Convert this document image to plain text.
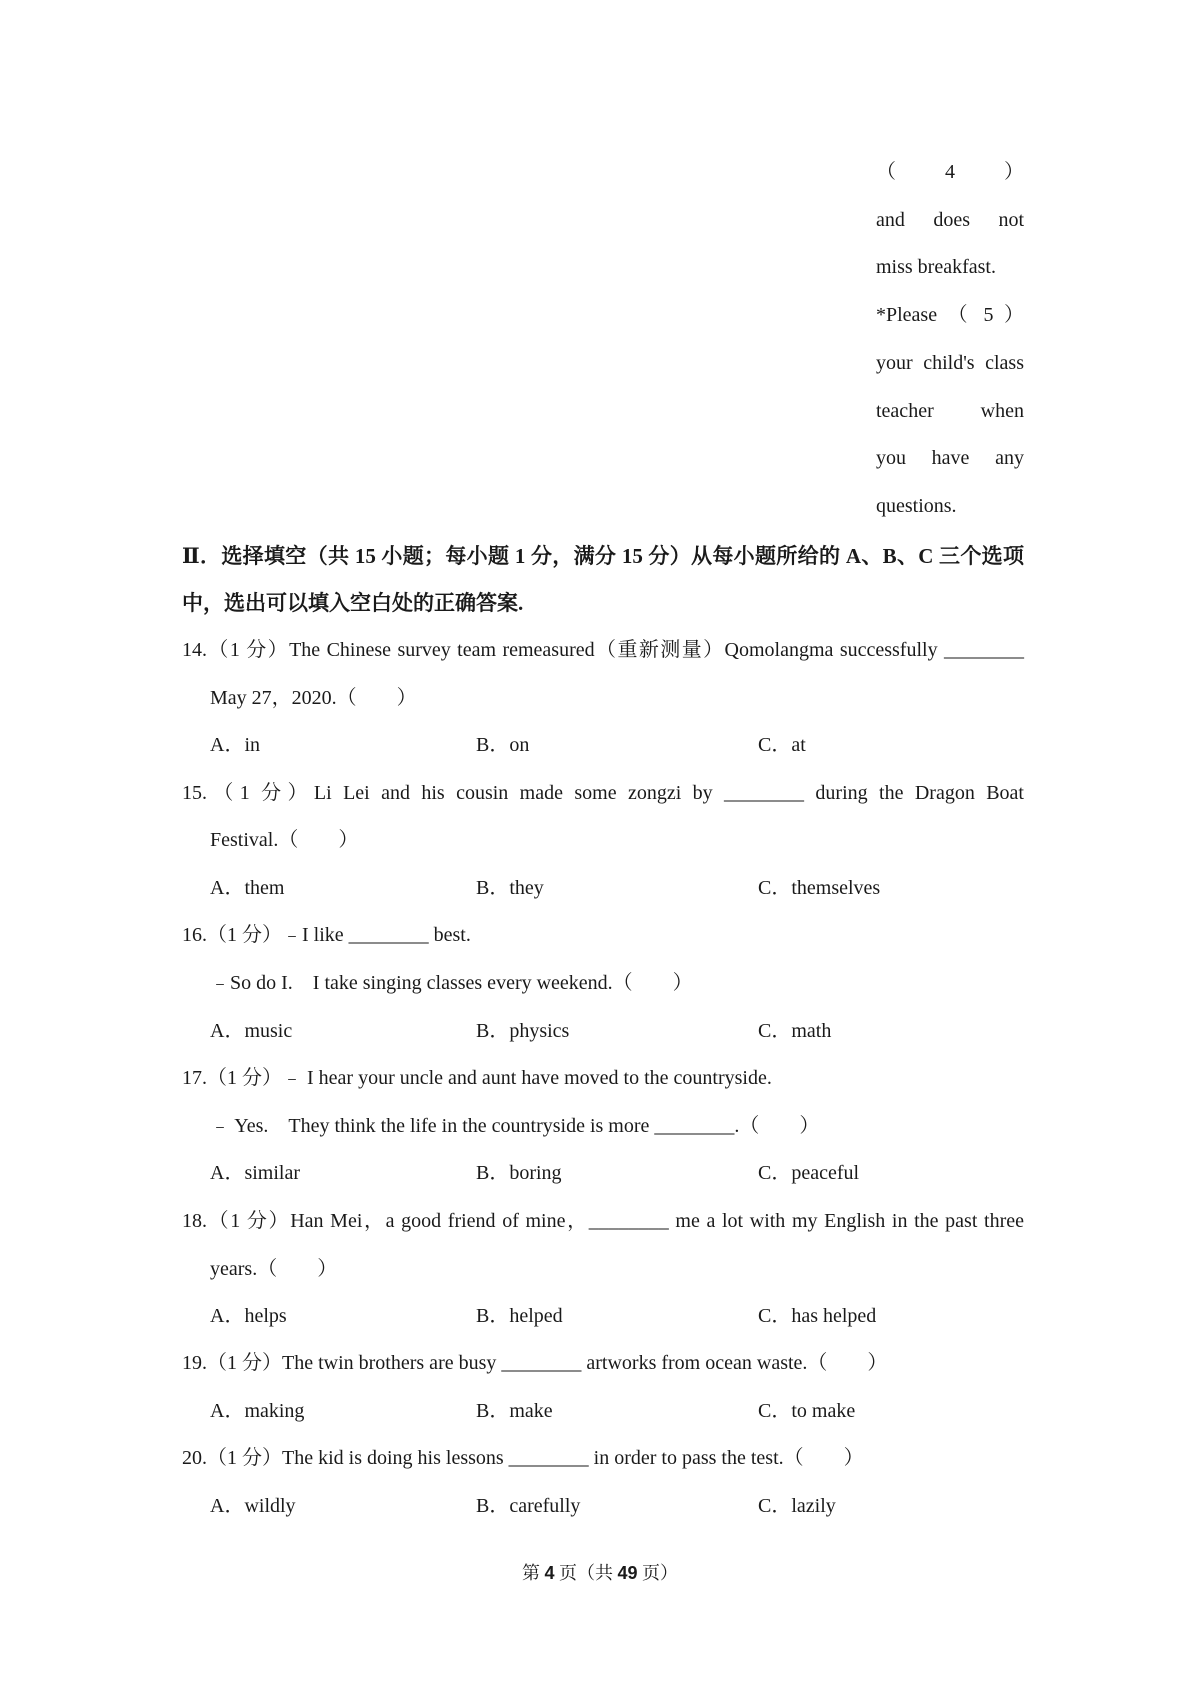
（　　4　　）
and does not
miss breakfast.
*Please （ 5 ）
your child's class
teacher when
you have any
questions.
Ⅱ．选择填空（共 15 小题；每小题 1 分，满分 15 分）从每小题所给的 A、B、C 三个选项
中，选出可以填入空白处的正确答案.
14.（1 分）The Chinese survey team remeasured（重新测量）Qomolangma successfully ________
May 27，2020.（　　）
A．in	B．on	C．at
15.（1 分）Li Lei and his cousin made some zongzi by ________ during the Dragon Boat
Festival.（　　）
A．them	B．they	C．themselves
16.（1 分）﹣I like ________ best.
﹣So do I.　I take singing classes every weekend.（　　）
A．music	B．physics	C．math
17.（1 分）﹣ I hear your uncle and aunt have moved to the countryside.
﹣ Yes.　They think the life in the countryside is more ________.（　　）
A．similar	B．boring	C．peaceful
18.（1 分）Han Mei，a good friend of mine，________ me a lot with my English in the past three
years.（　　）
A．helps	B．helped	C．has helped
19.（1 分）The twin brothers are busy ________ artworks from ocean waste.（　　）
A．making	B．make	C．to make
20.（1 分）The kid is doing his lessons ________ in order to pass the test.（　　）
A．wildly	B．carefully	C．lazily
第 4 页（共 49 页）
